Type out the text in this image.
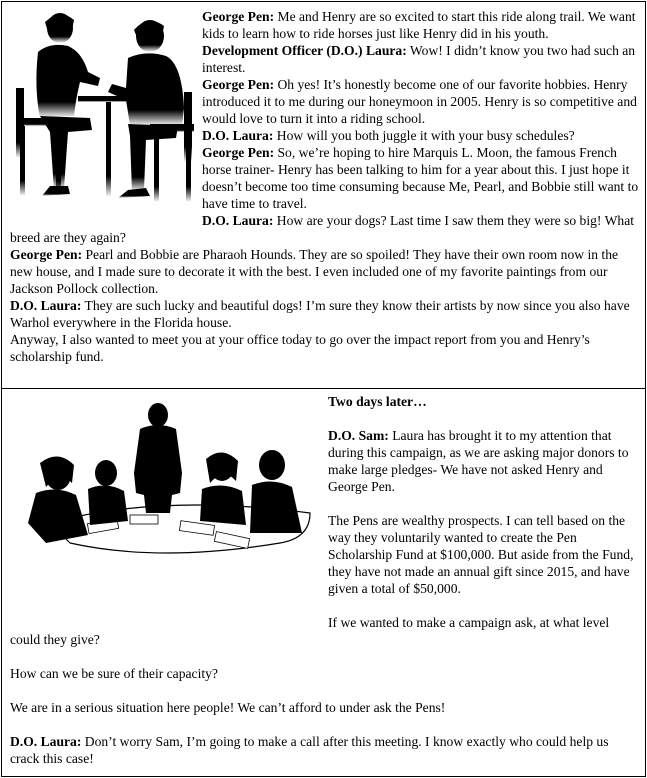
George Pen: Me and Henry are so excited to start this ride along trail. We want kids to learn how to ride horses just like Henry did in his youth.

Development Officer (D.O.) Laura: Wow! I didn’t know you two had such an interest.

George Pen: Oh yes! It’s honestly become one of our favorite hobbies. Henry introduced it to me during our honeymoon in 2005. Henry is so competitive and would love to turn it into a riding school.

D.O. Laura: How will you both juggle it with your busy schedules?

George Pen: So, we’re hoping to hire Marquis L. Moon, the famous French horse trainer- Henry has been talking to him for a year about this. I just hope it doesn’t become too time consuming because Me, Pearl, and Bobbie still want to have time to travel.

D.O. Laura: How are your dogs? Last time I saw them they were so big! What breed are they again?

George Pen: Pearl and Bobbie are Pharaoh Hounds. They are so spoiled! They have their own room now in the new house, and I made sure to decorate it with the best. I even included one of my favorite paintings from our Jackson Pollock collection.

D.O. Laura: They are such lucky and beautiful dogs! I’m sure they know their artists by now since you also have Warhol everywhere in the Florida house.

Anyway, I also wanted to meet you at your office today to go over the impact report from you and Henry’s scholarship fund.

Two days later…

D.O. Sam: Laura has brought it to my attention that during this campaign, as we are asking major donors to make large pledges- We have not asked Henry and George Pen.

The Pens are wealthy prospects. I can tell based on the way they voluntarily wanted to create the Pen Scholarship Fund at $100,000. But aside from the Fund, they have not made an annual gift since 2015, and have given a total of $50,000.

If we wanted to make a campaign ask, at what level could they give?

How can we be sure of their capacity?

We are in a serious situation here people! We can’t afford to under ask the Pens!

D.O. Laura: Don’t worry Sam, I’m going to make a call after this meeting. I know exactly who could help us crack this case!
